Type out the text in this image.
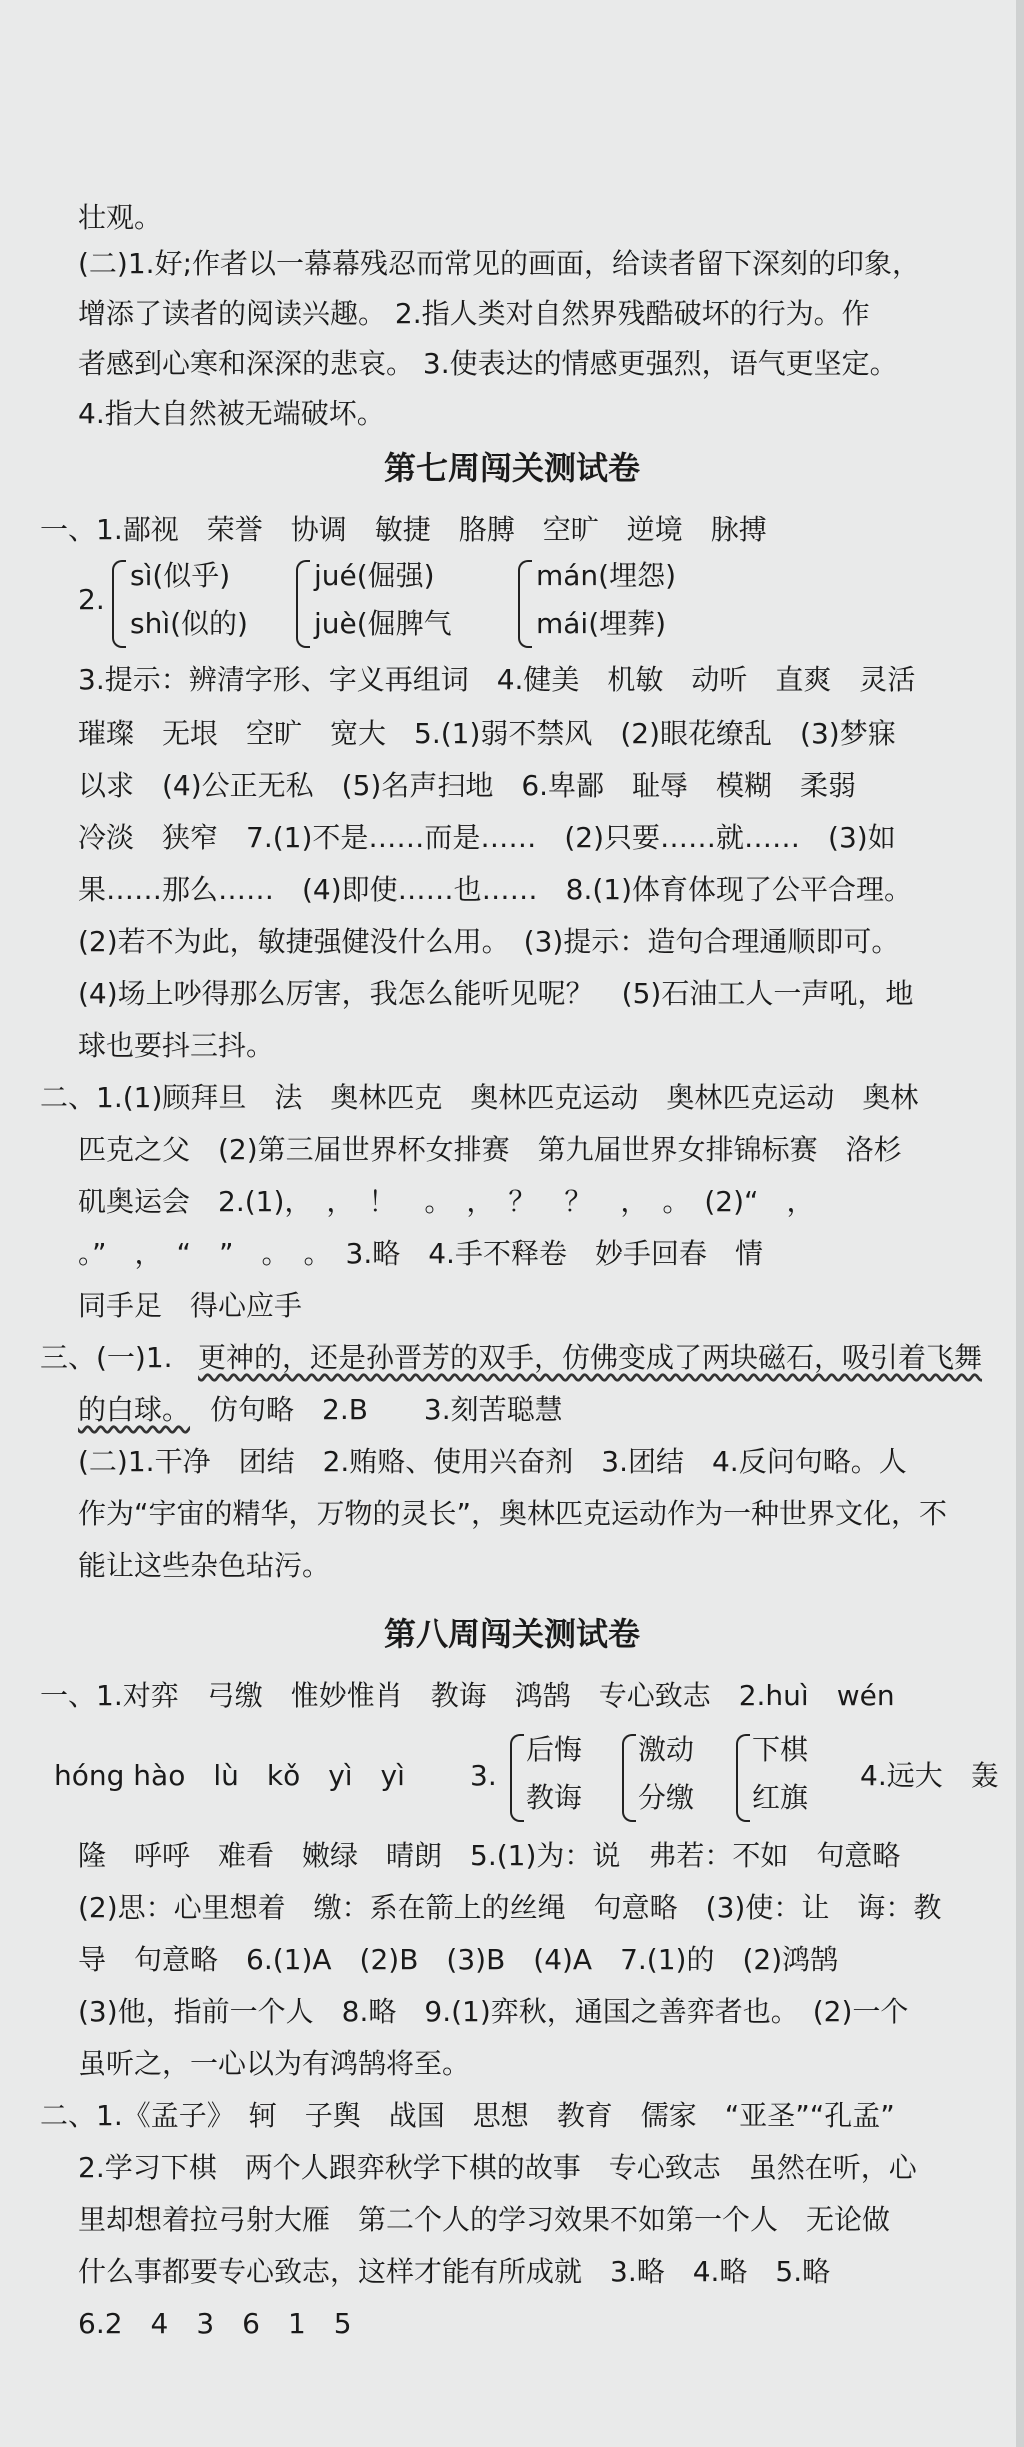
壮观。
(二)1.好;作者以一幕幕残忍而常见的画面，给读者留下深刻的印象，
增添了读者的阅读兴趣。 2.指人类对自然界残酷破坏的行为。作
者感到心寒和深深的悲哀。 3.使表达的情感更强烈，语气更坚定。
4.指大自然被无端破坏。
第七周闯关测试卷
一、1.鄙视　荣誉　协调　敏捷　胳膊　空旷　逆境　脉搏
2.
sì(似乎)
shì(似的)
jué(倔强)
juè(倔脾气
mán(埋怨)
mái(埋葬)
3.提示：辨清字形、字义再组词　4.健美　机敏　动听　直爽　灵活
璀璨　无垠　空旷　宽大　5.(1)弱不禁风　(2)眼花缭乱　(3)梦寐
以求　(4)公正无私　(5)名声扫地　6.卑鄙　耻辱　模糊　柔弱
冷淡　狭窄　7.(1)不是……而是……　(2)只要……就……　(3)如
果……那么……　(4)即使……也……　8.(1)体育体现了公平合理。
(2)若不为此，敏捷强健没什么用。　(3)提示：造句合理通顺即可。
(4)场上吵得那么厉害，我怎么能听见呢？　(5)石油工人一声吼，地
球也要抖三抖。
二、1.(1)顾拜旦　法　奥林匹克　奥林匹克运动　奥林匹克运动　奥林
匹克之父　(2)第三届世界杯女排赛　第九届世界女排锦标赛　洛杉
矶奥运会　2.(1)，　，　！　。　，　？　？　，　。　(2)“　，
。”　，　“　”　。　。　3.略　4.手不释卷　妙手回春　情
同手足　得心应手
三、(一)1. 更神的，还是孙晋芳的双手，仿佛变成了两块磁石，吸引着飞舞
的白球。 仿句略　2.B　　3.刻苦聪慧
(二)1.干净　团结　2.贿赂、使用兴奋剂　3.团结　4.反问句略。人
作为“宇宙的精华，万物的灵长”，奥林匹克运动作为一种世界文化，不
能让这些杂色玷污。
第八周闯关测试卷
一、1.对弈　弓缴　惟妙惟肖　教诲　鸿鹄　专心致志　2.huì　wén
hóng hào　lù　kǒ　yì　yì	3.
后悔
教诲
激动
分缴
下棋
红旗
4.远大　轰
隆　呼呼　难看　嫩绿　晴朗　5.(1)为：说　弗若：不如　句意略
(2)思：心里想着　缴：系在箭上的丝绳　句意略　(3)使：让　诲：教
导　句意略　6.(1)A　(2)B　(3)B　(4)A　7.(1)的　(2)鸿鹄
(3)他，指前一个人　8.略　9.(1)弈秋，通国之善弈者也。　(2)一个
虽听之，一心以为有鸿鹄将至。
二、1.《孟子》　轲　子舆　战国　思想　教育　儒家　“亚圣”“孔孟”
2.学习下棋　两个人跟弈秋学下棋的故事　专心致志　虽然在听，心
里却想着拉弓射大雁　第二个人的学习效果不如第一个人　无论做
什么事都要专心致志，这样才能有所成就　3.略　4.略　5.略
6.2　4　3　6　1　5
